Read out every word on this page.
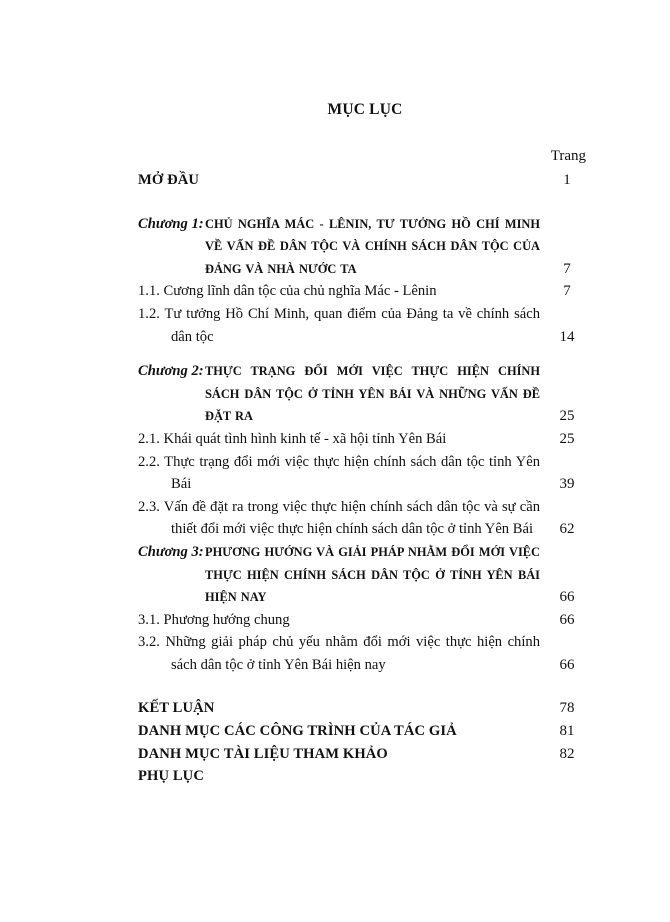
MỤC LỤC
Trang
MỞ ĐẦU	1
Chương 1:CHỦ NGHĨA MÁC - LÊNIN, TƯ TƯỞNG HỒ CHÍ MINH VỀ VẤN ĐỀ DÂN TỘC VÀ CHÍNH SÁCH DÂN TỘC CỦA ĐẢNG VÀ NHÀ NƯỚC TA	7
1.1. Cương lĩnh dân tộc của chủ nghĩa Mác - Lênin	7
1.2. Tư tưởng Hồ Chí Minh, quan điểm của Đảng ta về chính sách dân tộc	14
Chương 2:THỰC TRẠNG ĐỔI MỚI VIỆC THỰC HIỆN CHÍNH SÁCH DÂN TỘC Ở TỈNH YÊN BÁI VÀ NHỮNG VẤN ĐỀ ĐẶT RA	25
2.1. Khái quát tình hình kinh tế - xã hội tỉnh Yên Bái	25
2.2. Thực trạng đổi mới việc thực hiện chính sách dân tộc tỉnh Yên Bái	39
2.3. Vấn đề đặt ra trong việc thực hiện chính sách dân tộc và sự cần thiết đổi mới việc thực hiện chính sách dân tộc ở tỉnh Yên Bái	62
Chương 3:PHƯƠNG HƯỚNG VÀ GIẢI PHÁP NHẰM ĐỔI MỚI VIỆC THỰC HIỆN CHÍNH SÁCH DÂN TỘC Ở TỈNH YÊN BÁI HIỆN NAY	66
3.1. Phương hướng chung	66
3.2. Những giải pháp chủ yếu nhằm đổi mới việc thực hiện chính sách dân tộc ở tỉnh Yên Bái hiện nay	66
KẾT LUẬN	78
DANH MỤC CÁC CÔNG TRÌNH CỦA TÁC GIẢ	81
DANH MỤC TÀI LIỆU THAM KHẢO	82
PHỤ LỤC
